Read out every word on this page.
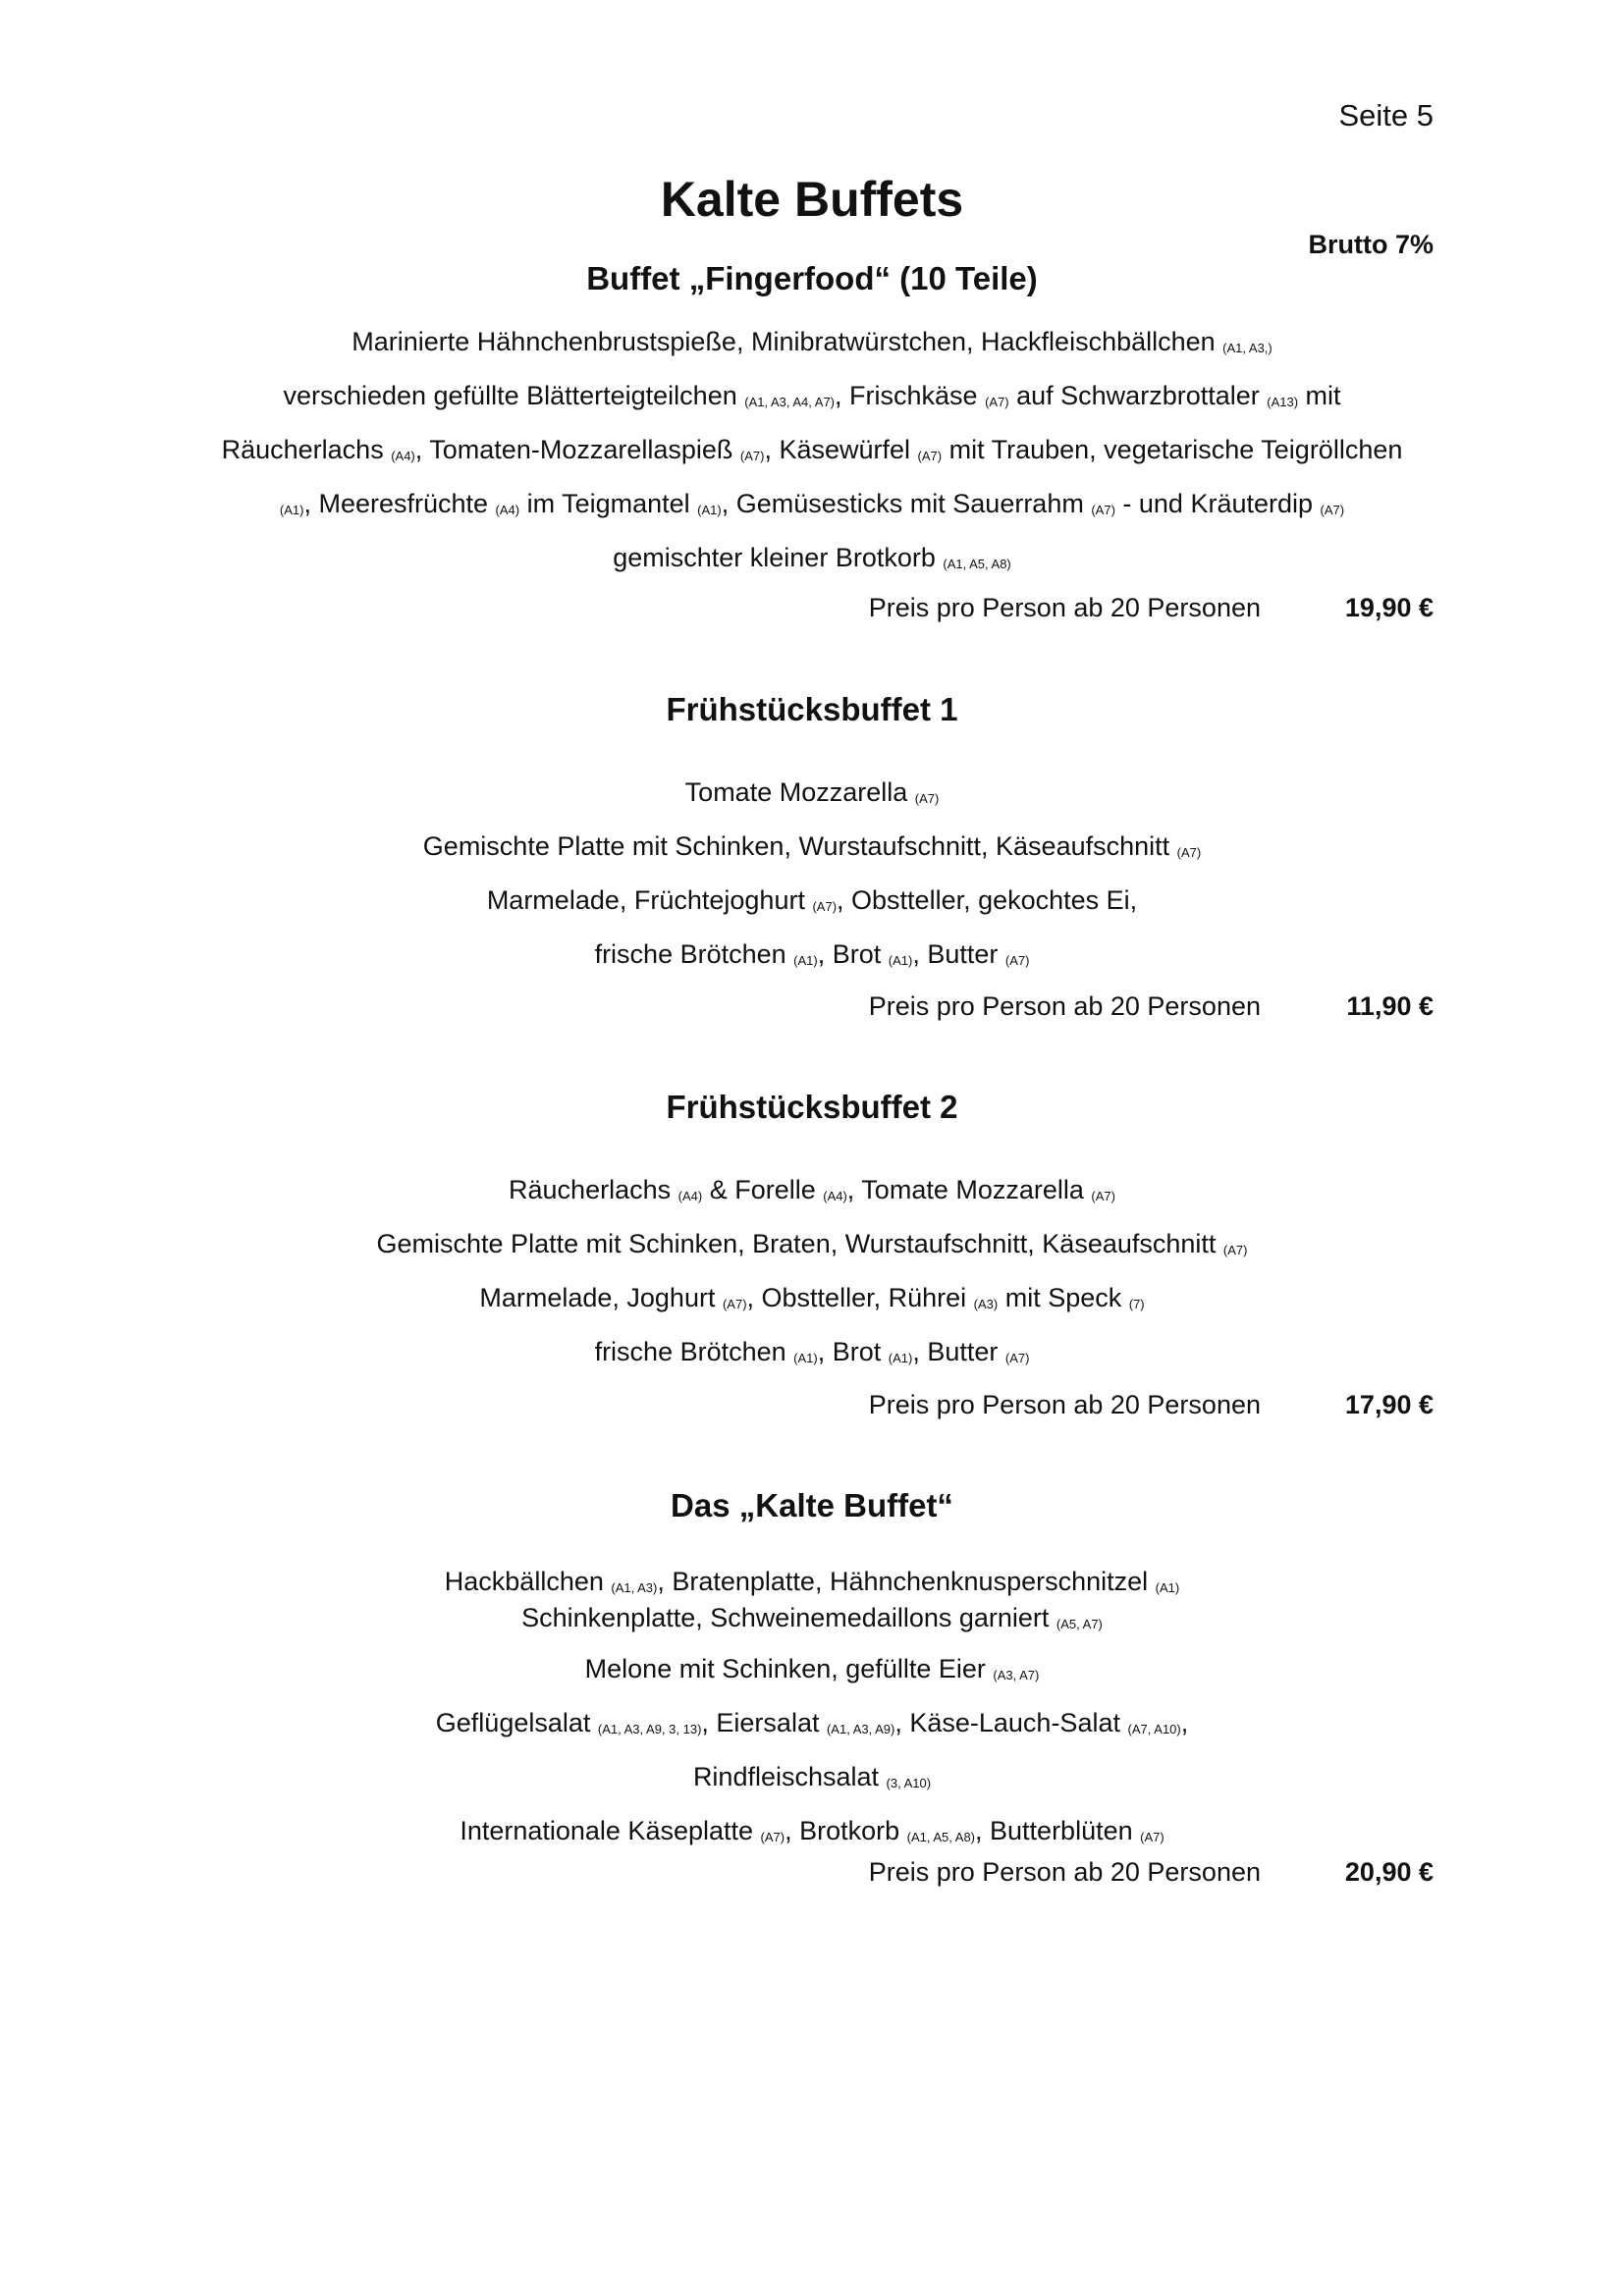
Seite 5
Kalte Buffets
Brutto 7%
Buffet „Fingerfood“ (10 Teile)

Marinierte Hähnchenbrustspieße, Minibratwürstchen, Hackfleischbällchen (A1, A3,)

verschieden gefüllte Blätterteigteilchen (A1, A3, A4, A7), Frischkäse (A7) auf Schwarzbrottaler (A13) mit

Räucherlachs (A4), Tomaten-Mozzarellaspieß (A7), Käsewürfel (A7) mit Trauben, vegetarische Teigröllchen

(A1), Meeresfrüchte (A4) im Teigmantel (A1), Gemüsesticks mit Sauerrahm (A7) - und Kräuterdip (A7)

gemischter kleiner Brotkorb (A1, A5, A8)

Preis pro Person ab 20 Personen	19,90 €
Frühstücksbuffet 1

Tomate Mozzarella (A7)

Gemischte Platte mit Schinken, Wurstaufschnitt, Käseaufschnitt (A7)

Marmelade, Früchtejoghurt (A7), Obstteller, gekochtes Ei,

frische Brötchen (A1), Brot (A1), Butter (A7)

Preis pro Person ab 20 Personen	11,90 €
Frühstücksbuffet 2

Räucherlachs (A4) & Forelle (A4), Tomate Mozzarella (A7)

Gemischte Platte mit Schinken, Braten, Wurstaufschnitt, Käseaufschnitt (A7)

Marmelade, Joghurt (A7), Obstteller, Rührei (A3) mit Speck (7)

frische Brötchen (A1), Brot (A1), Butter (A7)

Preis pro Person ab 20 Personen	17,90 €
Das „Kalte Buffet“

Hackbällchen (A1, A3), Bratenplatte, Hähnchenknusperschnitzel (A1)

Schinkenplatte, Schweinemedaillons garniert (A5, A7)

Melone mit Schinken, gefüllte Eier (A3, A7)

Geflügelsalat (A1, A3, A9, 3, 13), Eiersalat (A1, A3, A9), Käse-Lauch-Salat (A7, A10),

Rindfleischsalat (3, A10)

Internationale Käseplatte (A7), Brotkorb (A1, A5, A8), Butterblüten (A7)

Preis pro Person ab 20 Personen	20,90 €
